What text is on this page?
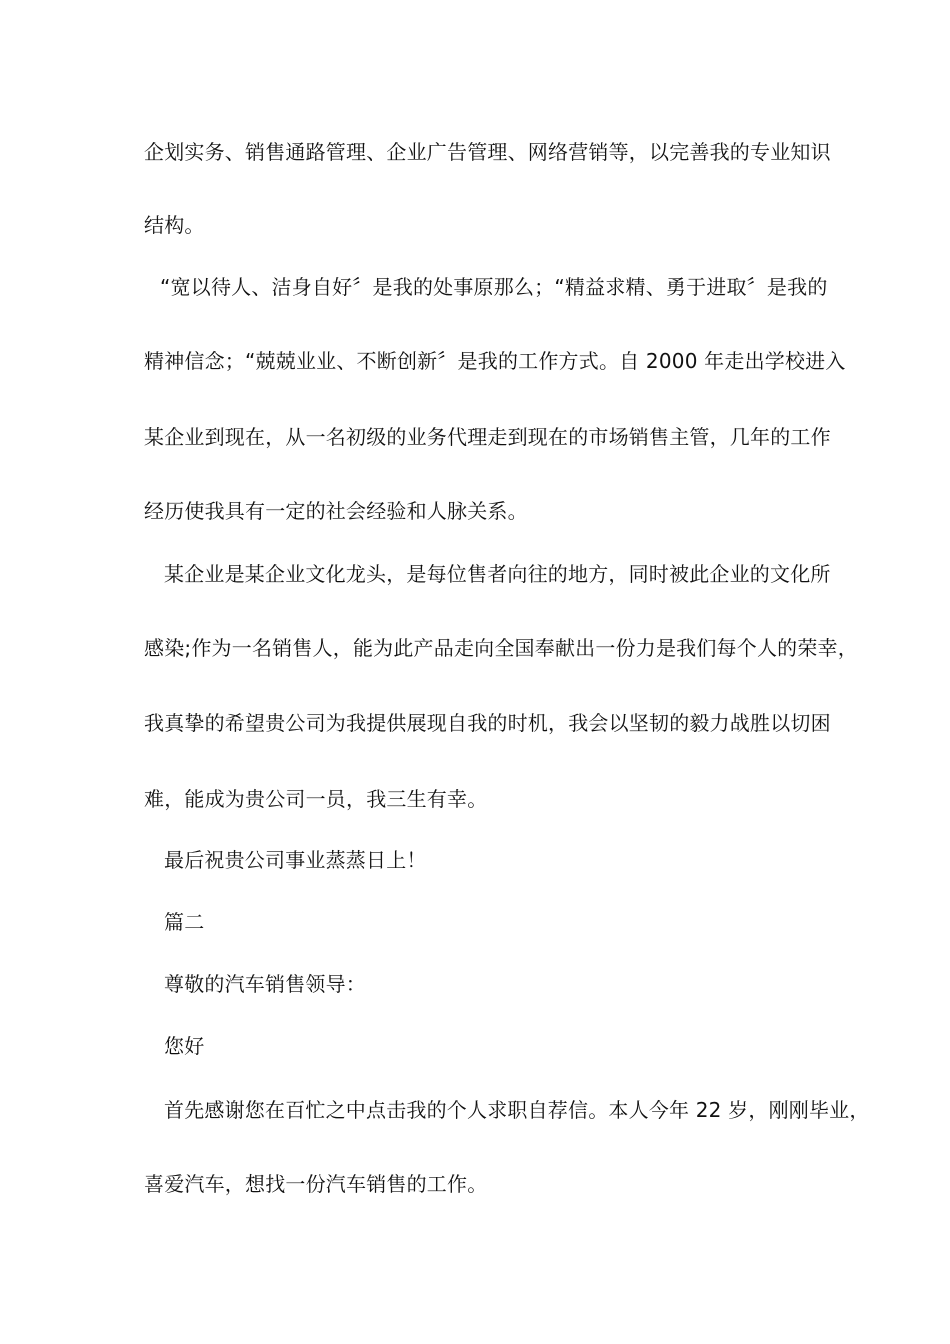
企划实务、销售通路管理、企业广告管理、网络营销等，以完善我的专业知识
结构。
“宽以待人、洁身自好〞是我的处事原那么；“精益求精、勇于进取〞是我的
精神信念；“兢兢业业、不断创新〞是我的工作方式。自 2000 年走出学校进入
某企业到现在，从一名初级的业务代理走到现在的市场销售主管，几年的工作
经历使我具有一定的社会经验和人脉关系。
某企业是某企业文化龙头，是每位售者向往的地方，同时被此企业的文化所
感染;作为一名销售人，能为此产品走向全国奉献出一份力是我们每个人的荣幸，
我真挚的希望贵公司为我提供展现自我的时机，我会以坚韧的毅力战胜以切困
难，能成为贵公司一员，我三生有幸。
最后祝贵公司事业蒸蒸日上！
篇二
尊敬的汽车销售领导：
您好
首先感谢您在百忙之中点击我的个人求职自荐信。本人今年 22 岁，刚刚毕业，
喜爱汽车，想找一份汽车销售的工作。
